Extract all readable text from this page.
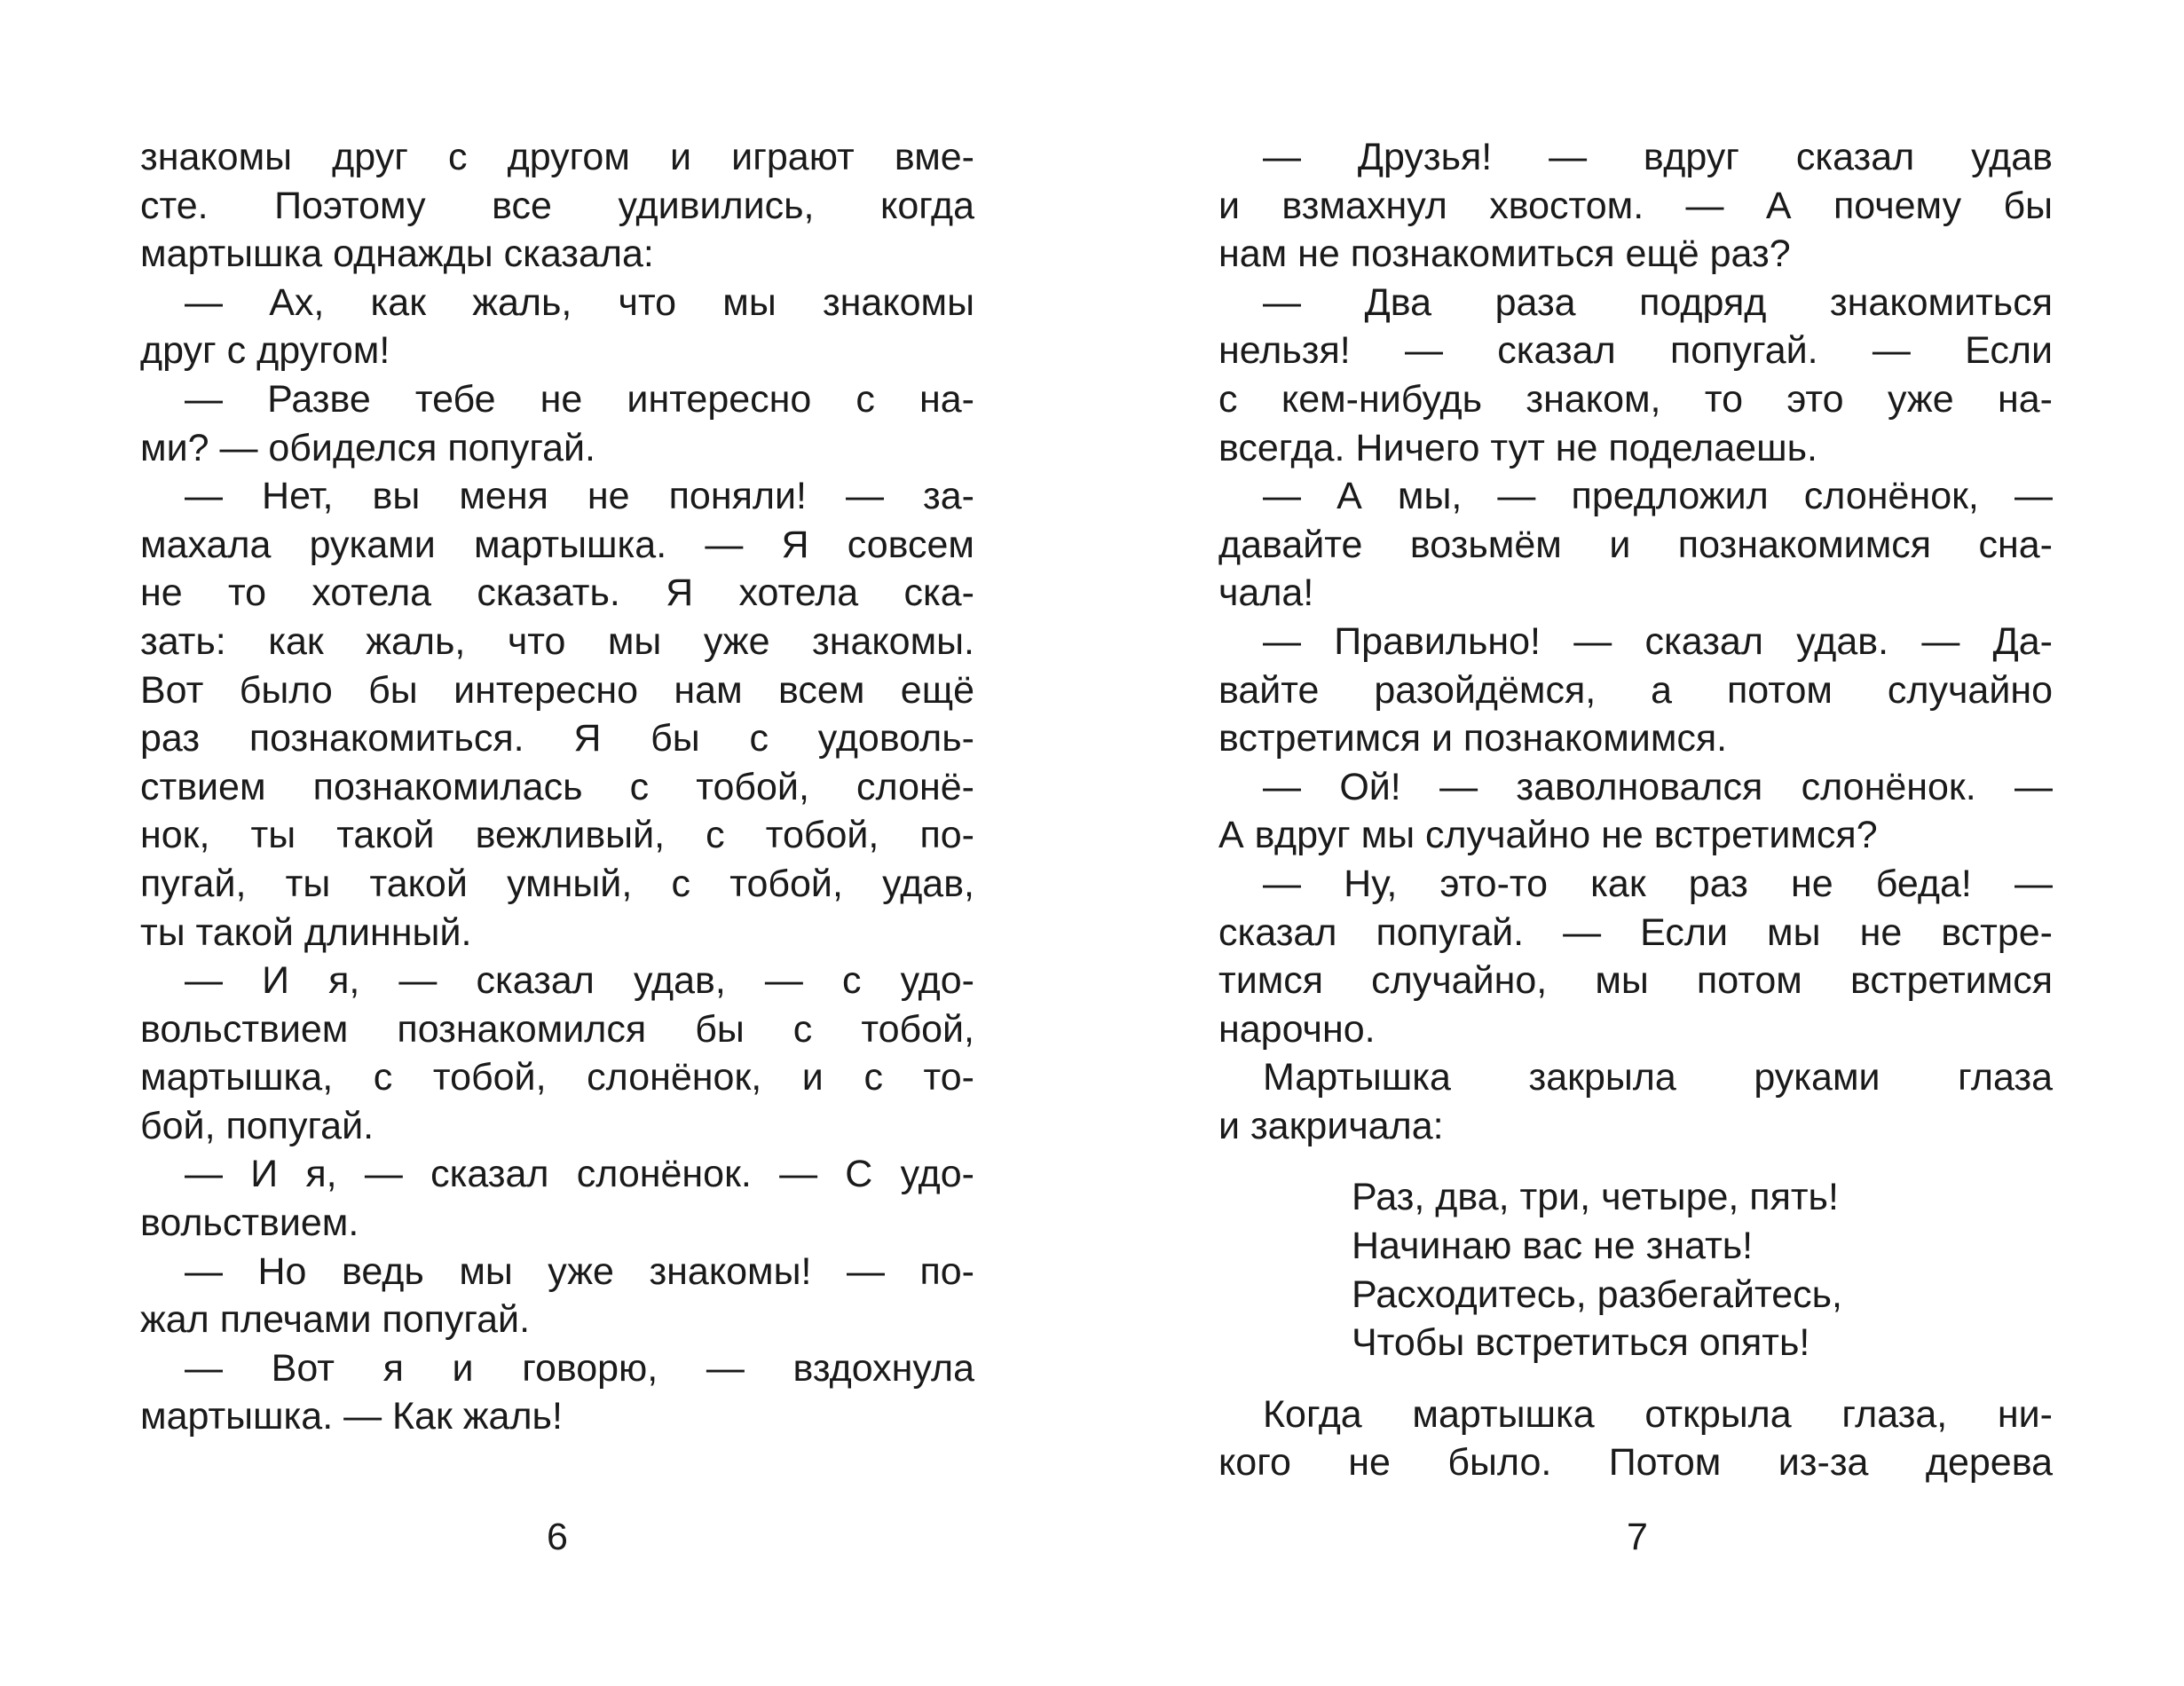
знакомы друг с другом и играют вме-
сте. Поэтому все удивились, когда
мартышка однажды сказала:
— Ах, как жаль, что мы знакомы
друг с другом!
— Разве тебе не интересно с на-
ми? — обиделся попугай.
— Нет, вы меня не поняли! — за-
махала руками мартышка. — Я совсем
не то хотела сказать. Я хотела ска-
зать: как жаль, что мы уже знакомы.
Вот было бы интересно нам всем ещё
раз познакомиться. Я бы с удоволь-
ствием познакомилась с тобой, слонё-
нок, ты такой вежливый, с тобой, по-
пугай, ты такой умный, с тобой, удав,
ты такой длинный.
— И я, — сказал удав, — с удо-
вольствием познакомился бы с тобой,
мартышка, с тобой, слонёнок, и с то-
бой, попугай.
— И я, — сказал слонёнок. — С удо-
вольствием.
— Но ведь мы уже знакомы! — по-
жал плечами попугай.
— Вот я и говорю, — вздохнула
мартышка. — Как жаль!
— Друзья! — вдруг сказал удав
и взмахнул хвостом. — А почему бы
нам не познакомиться ещё раз?
— Два раза подряд знакомиться
нельзя! — сказал попугай. — Если
с кем-нибудь знаком, то это уже на-
всегда. Ничего тут не поделаешь.
— А мы, — предложил слонёнок, —
давайте возьмём и познакомимся сна-
чала!
— Правильно! — сказал удав. — Да-
вайте разойдёмся, а потом случайно
встретимся и познакомимся.
— Ой! — заволновался слонёнок. —
А вдруг мы случайно не встретимся?
— Ну, это-то как раз не беда! —
сказал попугай. — Если мы не встре-
тимся случайно, мы потом встретимся
нарочно.
Мартышка закрыла руками глаза
и закричала:
Раз, два, три, четыре, пять!
Начинаю вас не знать!
Расходитесь, разбегайтесь,
Чтобы встретиться опять!
Когда мартышка открыла глаза, ни-
кого не было. Потом из-за дерева
6	7
